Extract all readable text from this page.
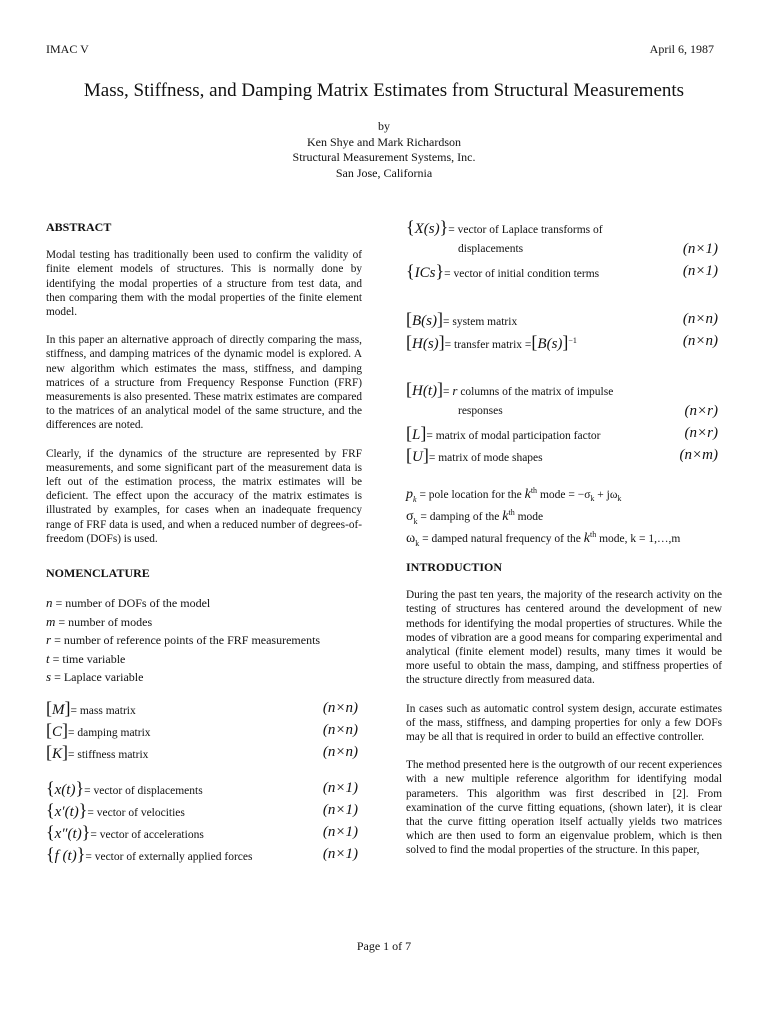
IMAC V	April 6, 1987
Mass, Stiffness, and Damping Matrix Estimates from Structural Measurements
by
Ken Shye and Mark Richardson
Structural Measurement Systems, Inc.
San Jose, California
ABSTRACT

Modal testing has traditionally been used to confirm the validity of finite element models of structures. This is normally done by identifying the modal properties of a structure from test data, and then comparing them with the modal properties of the finite element model.

In this paper an alternative approach of directly comparing the mass, stiffness, and damping matrices of the dynamic model is explored. A new algorithm which estimates the mass, stiffness, and damping matrices of a structure from Frequency Response Function (FRF) measurements is also presented. These matrix estimates are compared to the matrices of an analytical model of the same structure, and the differences are noted.

Clearly, if the dynamics of the structure are represented by FRF measurements, and some significant part of the measurement data is left out of the estimation process, the matrix estimates will be deficient. The effect upon the accuracy of the matrix estimates is illustrated by examples, for cases when an inadequate frequency range of FRF data is used, and when a reduced number of degrees-of-freedom (DOFs) is used.

NOMENCLATURE
n = number of DOFs of the model
m = number of modes
r = number of reference points of the FRF measurements
t = time variable
s = Laplace variable
[M]= mass matrix	(n×n)
[C]= damping matrix	(n×n)
[K]= stiffness matrix	(n×n)
{x(t)}= vector of displacements	(n×1)
{x′(t)}= vector of velocities	(n×1)
{x″(t)}= vector of accelerations	(n×1)
{f (t)}= vector of externally applied forces	(n×1)
{X(s)}= vector of Laplace transforms of
displacements	(n×1)
{ICs}= vector of initial condition terms	(n×1)
[B(s)]= system matrix	(n×n)
[H(s)]= transfer matrix $=[B(s)]^{-1}$	(n×n)
[H(t)]= r columns of the matrix of impulse
responses	(n×r)
[L]= matrix of modal participation factor	(n×r)
[U]= matrix of mode shapes	(n×m)
$p_k$ = pole location for the $k^{th}$ mode = $-\sigma_k + j\omega_k$
$\sigma_k$ = damping of the $k^{th}$ mode
$\omega_k$ = damped natural frequency of the $k^{th}$ mode, k = 1,…,m
INTRODUCTION

During the past ten years, the majority of the research activity on the testing of structures has centered around the development of new methods for identifying the modal properties of structures. While the modes of vibration are a good means for comparing experimental and analytical (finite element model) results, many times it would be more useful to obtain the mass, damping, and stiffness properties of the structure directly from measured data.

In cases such as automatic control system design, accurate estimates of the mass, stiffness, and damping properties for only a few DOFs may be all that is required in order to build an effective controller.

The method presented here is the outgrowth of our recent experiences with a new multiple reference algorithm for identifying modal parameters. This algorithm was first described in [2]. From examination of the curve fitting equations, (shown later), it is clear that the curve fitting operation itself actually yields two matrices which are then used to form an eigenvalue problem, which is then solved to find the modal properties of the structure. In this paper,

Page 1 of 7
